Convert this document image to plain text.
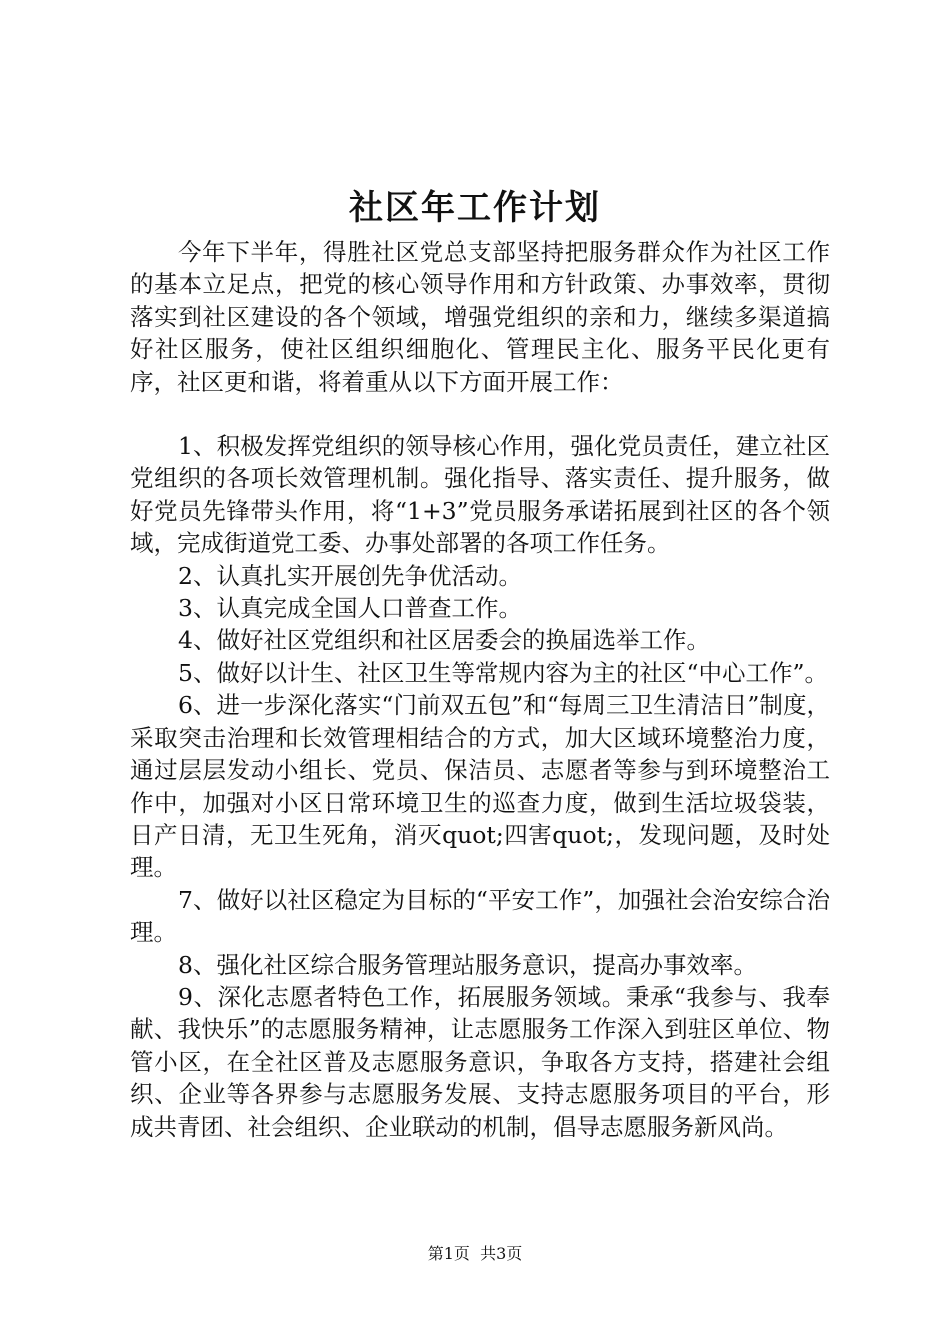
社区年工作计划

今年下半年，得胜社区党总支部坚持把服务群众作为社区工作的基本立足点，把党的核心领导作用和方针政策、办事效率，贯彻落实到社区建设的各个领域，增强党组织的亲和力，继续多渠道搞好社区服务，使社区组织细胞化、管理民主化、服务平民化更有序，社区更和谐，将着重从以下方面开展工作：

1、积极发挥党组织的领导核心作用，强化党员责任，建立社区党组织的各项长效管理机制。强化指导、落实责任、提升服务，做好党员先锋带头作用，将“1+3”党员服务承诺拓展到社区的各个领域，完成街道党工委、办事处部署的各项工作任务。

2、认真扎实开展创先争优活动。

3、认真完成全国人口普查工作。

4、做好社区党组织和社区居委会的换届选举工作。

5、做好以计生、社区卫生等常规内容为主的社区“中心工作”。

6、进一步深化落实“门前双五包”和“每周三卫生清洁日”制度，采取突击治理和长效管理相结合的方式，加大区域环境整治力度，通过层层发动小组长、党员、保洁员、志愿者等参与到环境整治工作中，加强对小区日常环境卫生的巡查力度，做到生活垃圾袋装，日产日清，无卫生死角，消灭quot;四害quot;，发现问题，及时处理。

7、做好以社区稳定为目标的“平安工作”，加强社会治安综合治理。

8、强化社区综合服务管理站服务意识，提高办事效率。

9、深化志愿者特色工作，拓展服务领域。秉承“我参与、我奉献、我快乐”的志愿服务精神，让志愿服务工作深入到驻区单位、物管小区，在全社区普及志愿服务意识，争取各方支持，搭建社会组织、企业等各界参与志愿服务发展、支持志愿服务项目的平台，形成共青团、社会组织、企业联动的机制，倡导志愿服务新风尚。

第1页  共3页
